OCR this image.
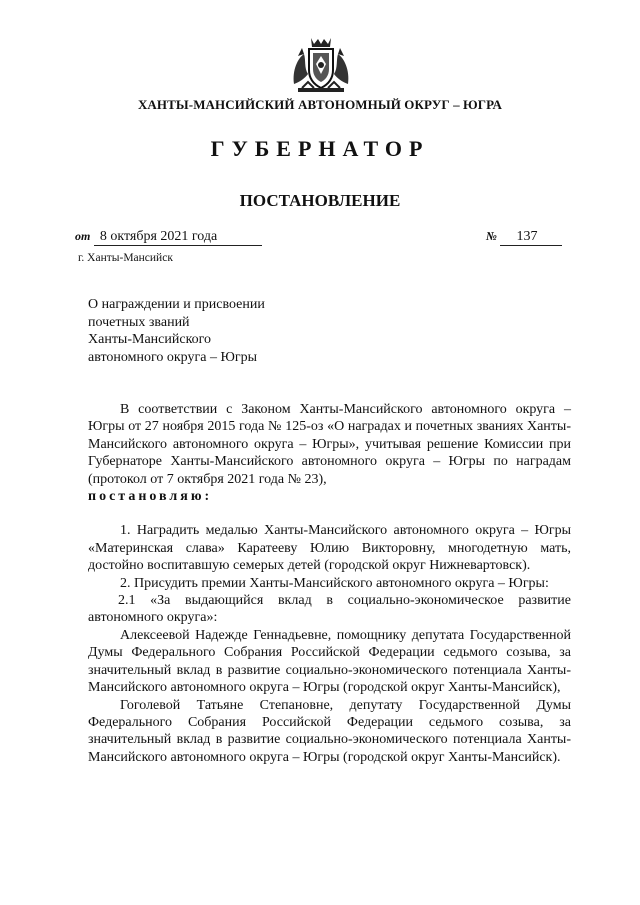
ХАНТЫ-МАНСИЙСКИЙ АВТОНОМНЫЙ ОКРУГ – ЮГРА
ГУБЕРНАТОР
ПОСТАНОВЛЕНИЕ
от 8 октября 2021 года	№ 137
г. Ханты-Мансийск
О награждении и присвоении
почетных званий
Ханты-Мансийского
автономного округа – Югры

В соответствии с Законом Ханты-Мансийского автономного округа – Югры от 27 ноября 2015 года № 125-оз «О наградах и почетных званиях Ханты-Мансийского автономного округа – Югры», учитывая решение Комиссии при Губернаторе Ханты-Мансийского автономного округа – Югры по наградам (протокол от 7 октября 2021 года № 23),

постановляю:

1. Наградить медалью Ханты-Мансийского автономного округа – Югры «Материнская слава» Каратееву Юлию Викторовну, многодетную мать, достойно воспитавшую семерых детей (городской округ Нижневартовск).

2. Присудить премии Ханты-Мансийского автономного округа – Югры:

2.1 «За выдающийся вклад в социально-экономическое развитие автономного округа»:

Алексеевой Надежде Геннадьевне, помощнику депутата Государственной Думы Федерального Собрания Российской Федерации седьмого созыва, за значительный вклад в развитие социально-экономического потенциала Ханты-Мансийского автономного округа – Югры (городской округ Ханты-Мансийск),

Гоголевой Татьяне Степановне, депутату Государственной Думы Федерального Собрания Российской Федерации седьмого созыва, за значительный вклад в развитие социально-экономического потенциала Ханты-Мансийского автономного округа – Югры (городской округ Ханты-Мансийск).
